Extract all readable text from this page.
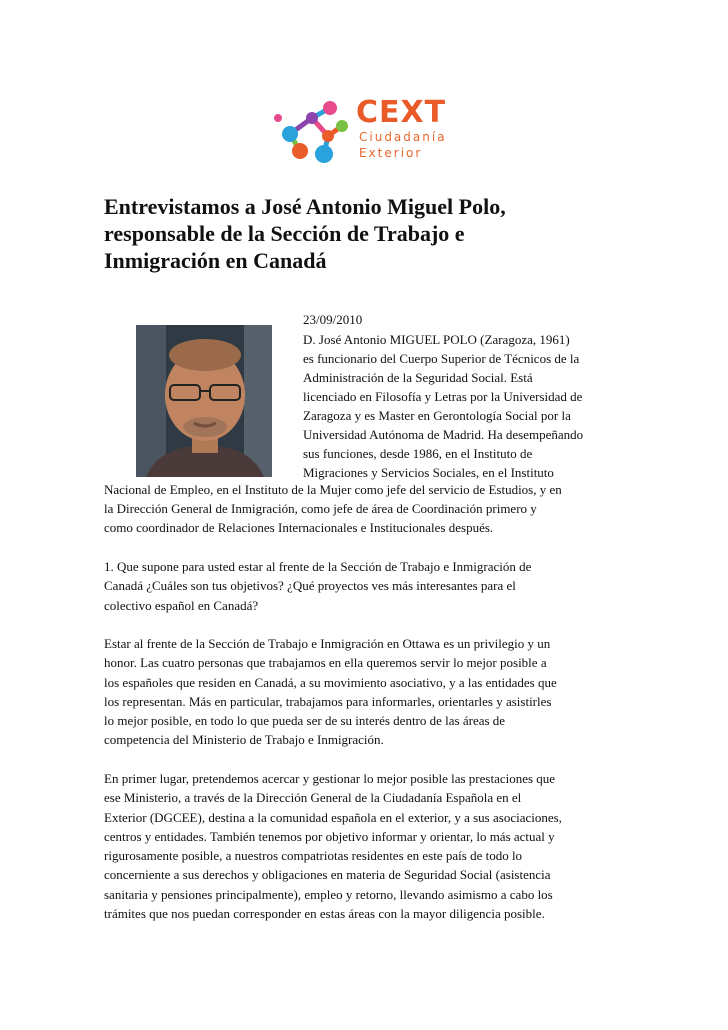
CEXT

Ciudadanía

Exterior

Entrevistamos a José Antonio Miguel Polo,
responsable de la Sección de Trabajo e
Inmigración en Canadá

23/09/2010

D. José Antonio MIGUEL POLO (Zaragoza, 1961)
es funcionario del Cuerpo Superior de Técnicos de la
Administración de la Seguridad Social. Está
licenciado en Filosofía y Letras por la Universidad de
Zaragoza y es Master en Gerontología Social por la
Universidad Autónoma de Madrid. Ha desempeñando
sus funciones, desde 1986, en el Instituto de
Migraciones y Servicios Sociales, en el Instituto

Nacional de Empleo, en el Instituto de la Mujer como jefe del servicio de Estudios, y en
la Dirección General de Inmigración, como jefe de área de Coordinación primero y
como coordinador de Relaciones Internacionales e Institucionales después.

1. Que supone para usted estar al frente de la Sección de Trabajo e Inmigración de
Canadá ¿Cuáles son tus objetivos? ¿Qué proyectos ves más interesantes para el
colectivo español en Canadá?

Estar al frente de la Sección de Trabajo e Inmigración en Ottawa es un privilegio y un
honor. Las cuatro personas que trabajamos en ella queremos servir lo mejor posible a
los españoles que residen en Canadá, a su movimiento asociativo, y a las entidades que
los representan. Más en particular, trabajamos para informarles, orientarles y asistirles
lo mejor posible, en todo lo que pueda ser de su interés dentro de las áreas de
competencia del Ministerio de Trabajo e Inmigración.

En primer lugar, pretendemos acercar y gestionar lo mejor posible las prestaciones que
ese Ministerio, a través de la Dirección General de la Ciudadanía Española en el
Exterior (DGCEE), destina a la comunidad española en el exterior, y a sus asociaciones,
centros y entidades. También tenemos por objetivo informar y orientar, lo más actual y
rigurosamente posible, a nuestros compatriotas residentes en este país de todo lo
concerniente a sus derechos y obligaciones en materia de Seguridad Social (asistencia
sanitaria y pensiones principalmente), empleo y retorno, llevando asimismo a cabo los
trámites que nos puedan corresponder en estas áreas con la mayor diligencia posible.
